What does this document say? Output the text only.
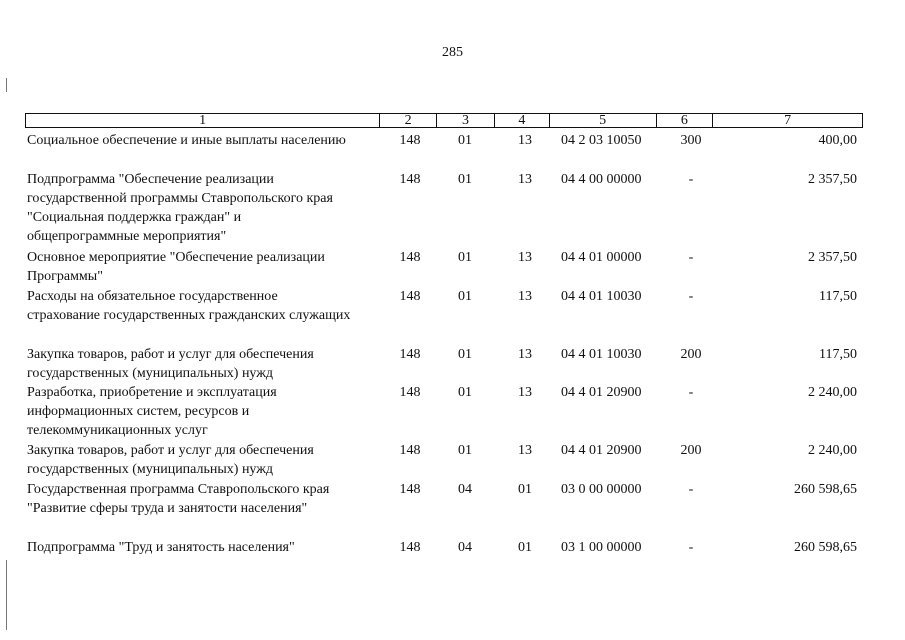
285
1	2	3	4	5	6	7
Социальное обеспечение и иные выплаты населению	148	01	13	04 2 03 10050	300	400,00
Подпрограмма "Обеспечение реализации
государственной программы Ставропольского края
"Социальная поддержка граждан" и
общепрограммные мероприятия"
148	01	13	04 4 00 00000	-	2 357,50
Основное мероприятие "Обеспечение реализации
Программы"
148	01	13	04 4 01 00000	-	2 357,50
Расходы на обязательное государственное
страхование государственных гражданских служащих
148	01	13	04 4 01 10030	-	117,50
Закупка товаров, работ и услуг для обеспечения
государственных (муниципальных) нужд
148	01	13	04 4 01 10030	200	117,50
Разработка, приобретение и эксплуатация
информационных систем, ресурсов и
телекоммуникационных услуг
148	01	13	04 4 01 20900	-	2 240,00
Закупка товаров, работ и услуг для обеспечения
государственных (муниципальных) нужд
148	01	13	04 4 01 20900	200	2 240,00
Государственная программа Ставропольского края
"Развитие сферы труда и занятости населения"
148	04	01	03 0 00 00000	-	260 598,65
Подпрограмма "Труд и занятость населения"	148	04	01	03 1 00 00000	-	260 598,65
